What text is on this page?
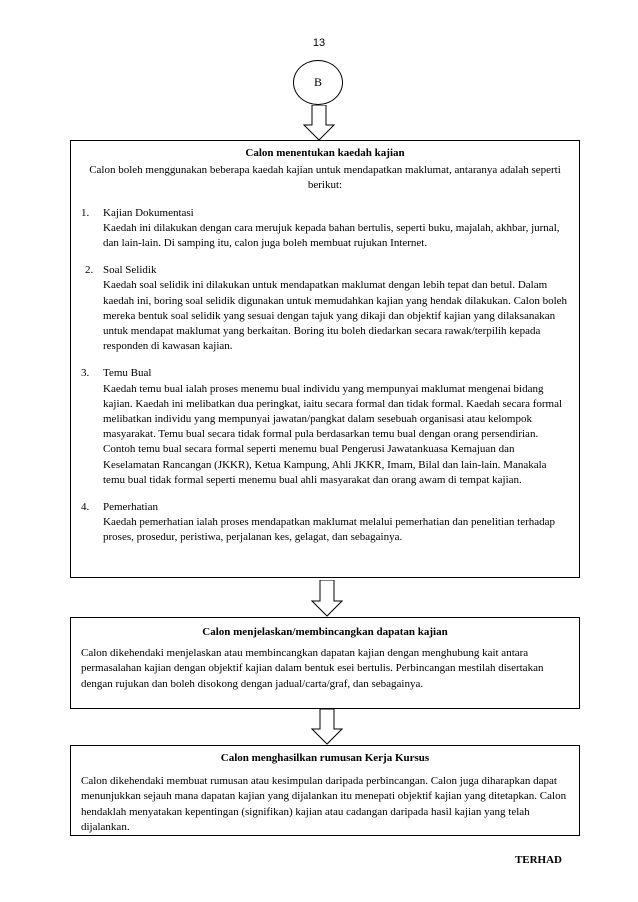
13
B
Calon menentukan kaedah kajian
Calon boleh menggunakan beberapa kaedah kajian untuk mendapatkan maklumat, antaranya adalah seperti berikut:
1.	Kajian Dokumentasi
Kaedah ini dilakukan dengan cara merujuk kepada bahan bertulis, seperti buku, majalah, akhbar, jurnal, dan lain-lain. Di samping itu, calon juga boleh membuat rujukan Internet.
2. Soal Selidik
Kaedah soal selidik ini dilakukan untuk mendapatkan maklumat dengan lebih tepat dan betul. Dalam kaedah ini, boring soal selidik digunakan untuk memudahkan kajian yang hendak dilakukan. Calon boleh mereka bentuk soal selidik yang sesuai dengan tajuk yang dikaji dan objektif kajian yang dilaksanakan untuk mendapat maklumat yang berkaitan. Boring itu boleh diedarkan secara rawak/terpilih kepada responden di kawasan kajian.
3.	Temu Bual
Kaedah temu bual ialah proses menemu bual individu yang mempunyai maklumat mengenai bidang kajian. Kaedah ini melibatkan dua peringkat, iaitu secara formal dan tidak formal. Kaedah secara formal melibatkan individu yang mempunyai jawatan/pangkat dalam sesebuah organisasi atau kelompok masyarakat. Temu bual secara tidak formal pula berdasarkan temu bual dengan orang persendirian. Contoh temu bual secara formal seperti menemu bual Pengerusi Jawatankuasa Kemajuan dan Keselamatan Rancangan (JKKR), Ketua Kampung, Ahli JKKR, Imam, Bilal dan lain-lain. Manakala temu bual tidak formal seperti menemu bual ahli masyarakat dan orang awam di tempat kajian.
4.	Pemerhatian
Kaedah pemerhatian ialah proses mendapatkan maklumat melalui pemerhatian dan penelitian terhadap proses, prosedur, peristiwa, perjalanan kes, gelagat, dan sebagainya.
Calon menjelaskan/membincangkan dapatan kajian
Calon dikehendaki menjelaskan atau membincangkan dapatan kajian dengan menghubung kait antara permasalahan kajian dengan objektif kajian dalam bentuk esei bertulis. Perbincangan mestilah disertakan dengan rujukan dan boleh disokong dengan jadual/carta/graf, dan sebagainya.
Calon menghasilkan rumusan Kerja Kursus
Calon dikehendaki membuat rumusan atau kesimpulan daripada perbincangan. Calon juga diharapkan dapat menunjukkan sejauh mana dapatan kajian yang dijalankan itu menepati objektif kajian yang ditetapkan. Calon hendaklah menyatakan kepentingan (signifikan) kajian atau cadangan daripada hasil kajian yang telah dijalankan.
TERHAD
